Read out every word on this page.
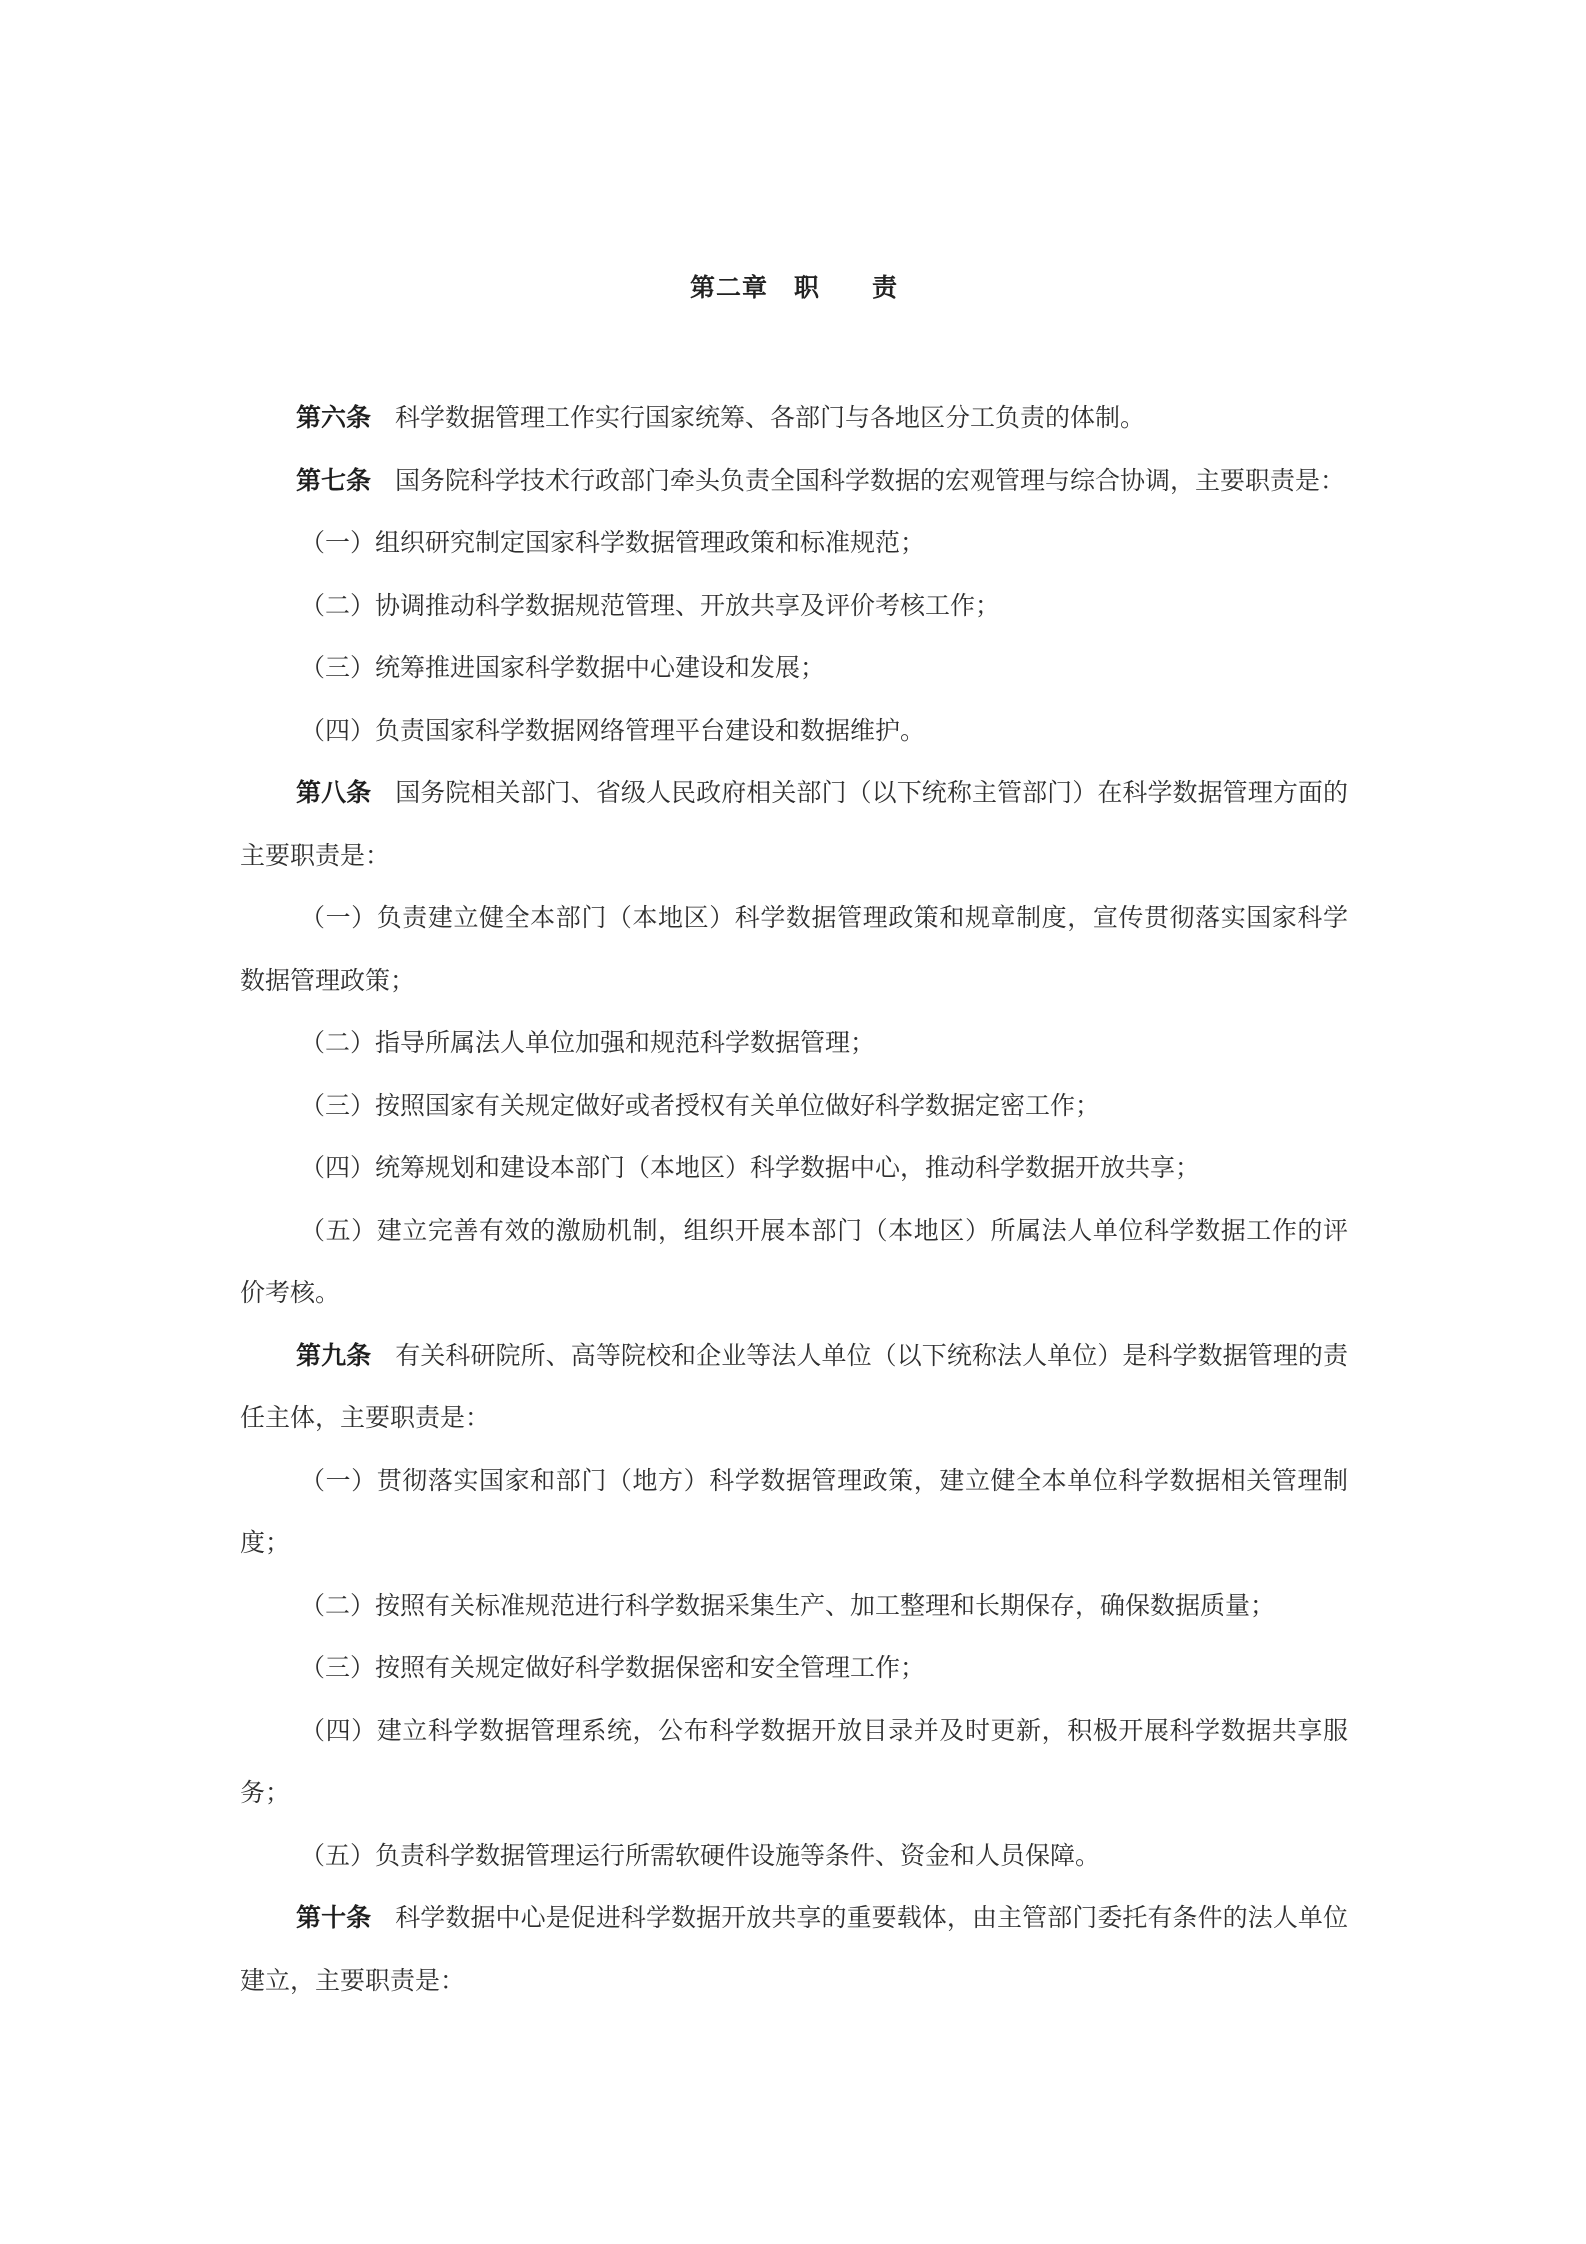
第二章　职　　责

第六条 科学数据管理工作实行国家统筹、各部门与各地区分工负责的体制。

第七条 国务院科学技术行政部门牵头负责全国科学数据的宏观管理与综合协调，主要职责是：

（一）组织研究制定国家科学数据管理政策和标准规范；

（二）协调推动科学数据规范管理、开放共享及评价考核工作；

（三）统筹推进国家科学数据中心建设和发展；

（四）负责国家科学数据网络管理平台建设和数据维护。

第八条 国务院相关部门、省级人民政府相关部门（以下统称主管部门）在科学数据管理方面的主要职责是：

（一）负责建立健全本部门（本地区）科学数据管理政策和规章制度，宣传贯彻落实国家科学数据管理政策；

（二）指导所属法人单位加强和规范科学数据管理；

（三）按照国家有关规定做好或者授权有关单位做好科学数据定密工作；

（四）统筹规划和建设本部门（本地区）科学数据中心，推动科学数据开放共享；

（五）建立完善有效的激励机制，组织开展本部门（本地区）所属法人单位科学数据工作的评价考核。

第九条 有关科研院所、高等院校和企业等法人单位（以下统称法人单位）是科学数据管理的责任主体，主要职责是：

（一）贯彻落实国家和部门（地方）科学数据管理政策，建立健全本单位科学数据相关管理制度；

（二）按照有关标准规范进行科学数据采集生产、加工整理和长期保存，确保数据质量；

（三）按照有关规定做好科学数据保密和安全管理工作；

（四）建立科学数据管理系统，公布科学数据开放目录并及时更新，积极开展科学数据共享服务；

（五）负责科学数据管理运行所需软硬件设施等条件、资金和人员保障。

第十条 科学数据中心是促进科学数据开放共享的重要载体，由主管部门委托有条件的法人单位建立，主要职责是：
